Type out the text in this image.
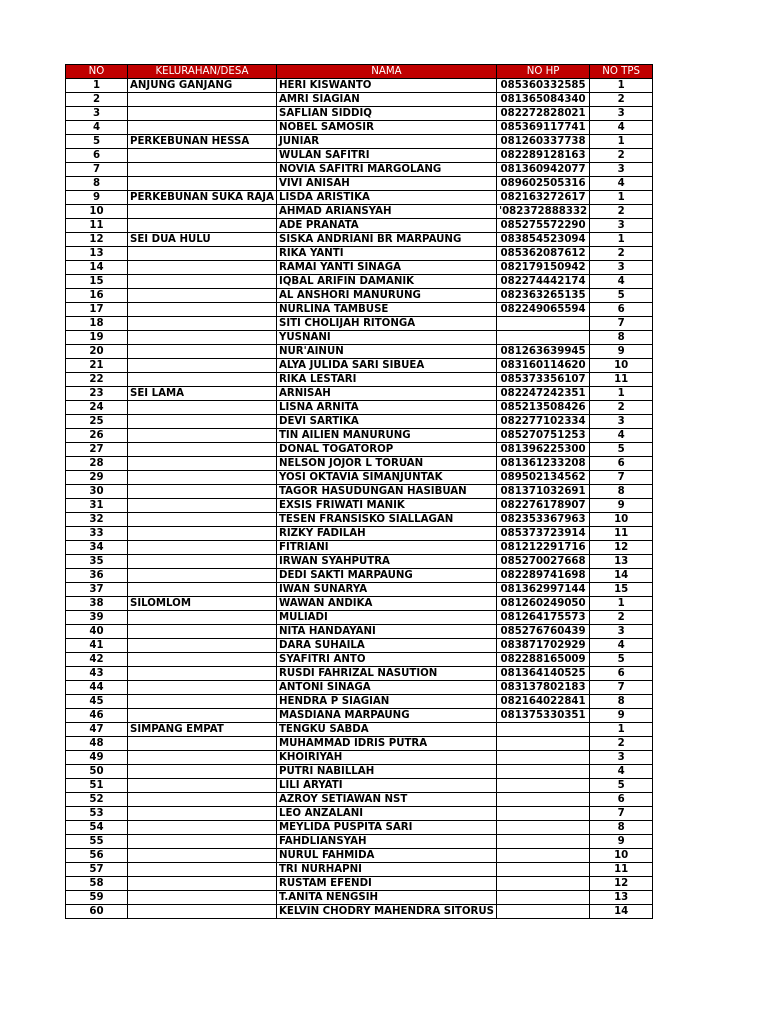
NO	KELURAHAN/DESA	NAMA	NO HP	NO TPS
1	ANJUNG GANJANG	HERI KISWANTO	085360332585	1
2		AMRI SIAGIAN	081365084340	2
3		SAFLIAN SIDDIQ	082272828021	3
4		NOBEL SAMOSIR	085369117741	4
5	PERKEBUNAN HESSA	JUNIAR	081260337738	1
6		WULAN SAFITRI	082289128163	2
7		NOVIA SAFITRI MARGOLANG	081360942077	3
8		VIVI ANISAH	089602505316	4
9	PERKEBUNAN SUKA RAJA	LISDA ARISTIKA	082163272617	1
10		AHMAD ARIANSYAH	'082372888332	2
11		ADE PRANATA	085275572290	3
12	SEI DUA HULU	SISKA ANDRIANI BR MARPAUNG	083854523094	1
13		RIKA YANTI	085362087612	2
14		RAMAI YANTI SINAGA	082179150942	3
15		IQBAL ARIFIN DAMANIK	082274442174	4
16		AL ANSHORI MANURUNG	082363265135	5
17		NURLINA TAMBUSE	082249065594	6
18		SITI CHOLIJAH RITONGA		7
19		YUSNANI		8
20		NUR'AINUN	081263639945	9
21		ALYA JULIDA SARI SIBUEA	083160114620	10
22		RIKA LESTARI	085373356107	11
23	SEI LAMA	ARNISAH	082247242351	1
24		LISNA ARNITA	085213508426	2
25		DEVI SARTIKA	082277102334	3
26		TIN AILIEN MANURUNG	085270751253	4
27		DONAL TOGATOROP	081396225300	5
28		NELSON JOJOR L TORUAN	081361233208	6
29		YOSI OKTAVIA SIMANJUNTAK	089502134562	7
30		TAGOR HASUDUNGAN HASIBUAN	081371032691	8
31		EXSIS FRIWATI MANIK	082276178907	9
32		TESEN FRANSISKO SIALLAGAN	082353367963	10
33		RIZKY FADILAH	085373723914	11
34		FITRIANI	081212291716	12
35		IRWAN SYAHPUTRA	085270027668	13
36		DEDI SAKTI MARPAUNG	082289741698	14
37		IWAN SUNARYA	081362997144	15
38	SILOMLOM	WAWAN ANDIKA	081260249050	1
39		MULIADI	081264175573	2
40		NITA HANDAYANI	085276760439	3
41		DARA SUHAILA	083871702929	4
42		SYAFITRI ANTO	082288165009	5
43		RUSDI FAHRIZAL NASUTION	081364140525	6
44		ANTONI SINAGA	083137802183	7
45		HENDRA P SIAGIAN	082164022841	8
46		MASDIANA MARPAUNG	081375330351	9
47	SIMPANG EMPAT	TENGKU SABDA		1
48		MUHAMMAD IDRIS PUTRA		2
49		KHOIRIYAH		3
50		PUTRI NABILLAH		4
51		LILI ARYATI		5
52		AZROY SETIAWAN NST		6
53		LEO ANZALANI		7
54		MEYLIDA PUSPITA SARI		8
55		FAHDLIANSYAH		9
56		NURUL FAHMIDA		10
57		TRI NURHAPNI		11
58		RUSTAM EFENDI		12
59		T.ANITA NENGSIH		13
60		KELVIN CHODRY MAHENDRA SITORUS		14
